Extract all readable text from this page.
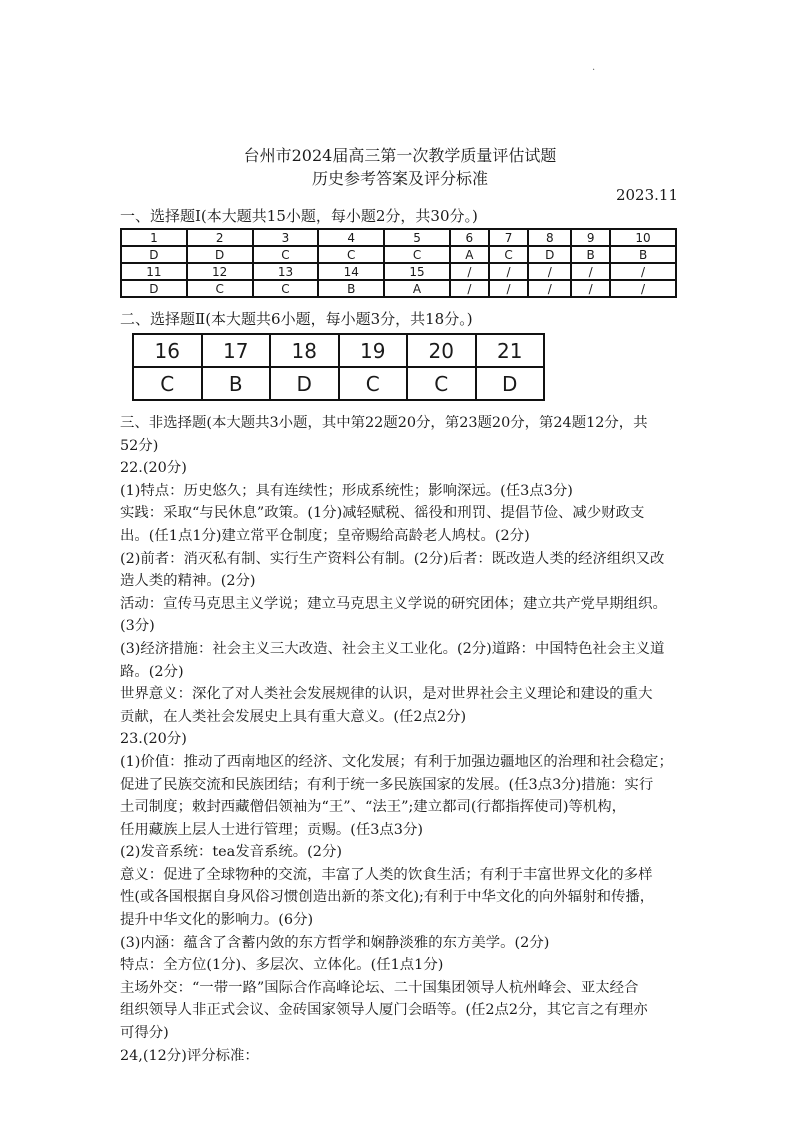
.
台州市2024届高三第一次教学质量评估试题
历史参考答案及评分标准
2023.11
一、选择题Ⅰ(本大题共15小题，每小题2分，共30分。)
1	2	3	4	5	6	7	8	9	10
D	D	C	C	C	A	C	D	B	B
11	12	13	14	15	/	/	/	/	/
D	C	C	B	A	/	/	/	/	/
二、选择题Ⅱ(本大题共6小题，每小题3分，共18分。)
16	17	18	19	20	21
C	B	D	C	C	D

三、非选择题(本大题共3小题，其中第22题20分，第23题20分，第24题12分，共

52分)

22.(20分)

(1)特点：历史悠久；具有连续性；形成系统性；影响深远。(任3点3分)

实践：采取“与民休息”政策。(1分)减轻赋税、徭役和刑罚、提倡节俭、减少财政支

出。(任1点1分)建立常平仓制度；皇帝赐给高龄老人鸠杖。(2分)

(2)前者：消灭私有制、实行生产资料公有制。(2分)后者：既改造人类的经济组织又改

造人类的精神。(2分)

活动：宣传马克思主义学说；建立马克思主义学说的研究团体；建立共产党早期组织。

(3分)

(3)经济措施：社会主义三大改造、社会主义工业化。(2分)道路：中国特色社会主义道

路。(2分)

世界意义：深化了对人类社会发展规律的认识，是对世界社会主义理论和建设的重大

贡献，在人类社会发展史上具有重大意义。(任2点2分)

23.(20分)

(1)价值：推动了西南地区的经济、文化发展；有利于加强边疆地区的治理和社会稳定；

促进了民族交流和民族团结；有利于统一多民族国家的发展。(任3点3分)措施：实行

土司制度；敕封西藏僧侣领袖为“王”、“法王”;建立都司(行都指挥使司)等机构，

任用藏族上层人士进行管理；贡赐。(任3点3分)

(2)发音系统：tea发音系统。(2分)

意义：促进了全球物种的交流，丰富了人类的饮食生活；有利于丰富世界文化的多样

性(或各国根据自身风俗习惯创造出新的茶文化);有利于中华文化的向外辐射和传播，

提升中华文化的影响力。(6分)

(3)内涵：蕴含了含蓄内敛的东方哲学和娴静淡雅的东方美学。(2分)

特点：全方位(1分)、多层次、立体化。(任1点1分)

主场外交：“一带一路”国际合作高峰论坛、二十国集团领导人杭州峰会、亚太经合

组织领导人非正式会议、金砖国家领导人厦门会晤等。(任2点2分，其它言之有理亦

可得分)

24,(12分)评分标准：
